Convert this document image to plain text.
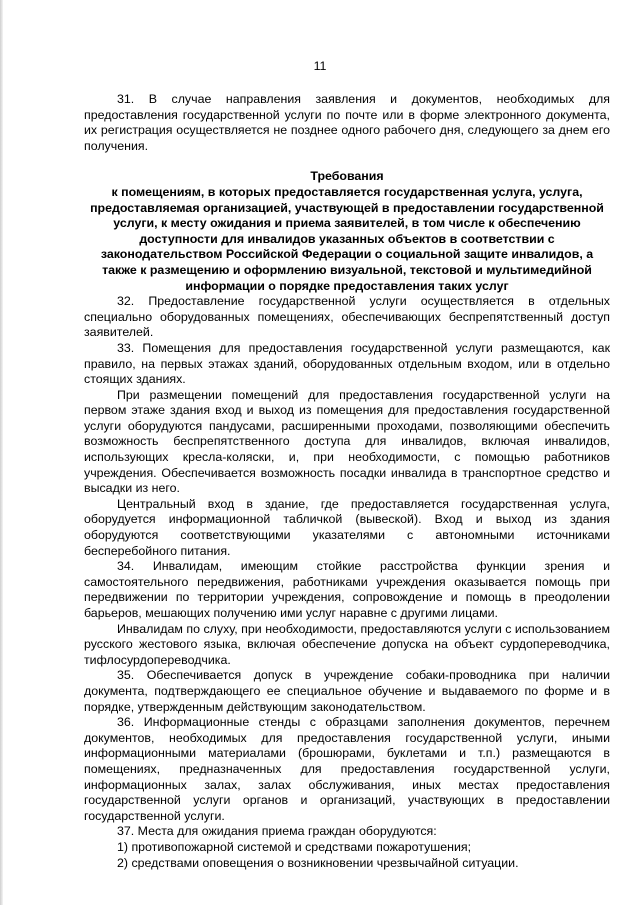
11

31. В случае направления заявления и документов, необходимых для предоставления государственной услуги по почте или в форме электронного документа, их регистрация осуществляется не позднее одного рабочего дня, следующего за днем его получения.

Требования
к помещениям, в которых предоставляется государственная услуга, услуга, предоставляемая организацией, участвующей в предоставлении государственной услуги, к месту ожидания и приема заявителей, в том числе к обеспечению доступности для инвалидов указанных объектов в соответствии с законодательством Российской Федерации о социальной защите инвалидов, а также к размещению и оформлению визуальной, текстовой и мультимедийной информации о порядке предоставления таких услуг

32. Предоставление государственной услуги осуществляется в отдельных специально оборудованных помещениях, обеспечивающих беспрепятственный доступ заявителей.

33. Помещения для предоставления государственной услуги размещаются, как правило, на первых этажах зданий, оборудованных отдельным входом, или в отдельно стоящих зданиях.

При размещении помещений для предоставления государственной услуги на первом этаже здания вход и выход из помещения для предоставления государственной услуги оборудуются пандусами, расширенными проходами, позволяющими обеспечить возможность беспрепятственного доступа для инвалидов, включая инвалидов, использующих кресла-коляски, и, при необходимости, с помощью работников учреждения. Обеспечивается возможность посадки инвалида в транспортное средство и высадки из него.

Центральный вход в здание, где предоставляется государственная услуга, оборудуется информационной табличкой (вывеской). Вход и выход из здания оборудуются соответствующими указателями с автономными источниками бесперебойного питания.

34. Инвалидам, имеющим стойкие расстройства функции зрения и самостоятельного передвижения, работниками учреждения оказывается помощь при передвижении по территории учреждения, сопровождение и помощь в преодолении барьеров, мешающих получению ими услуг наравне с другими лицами.

Инвалидам по слуху, при необходимости, предоставляются услуги с использованием русского жестового языка, включая обеспечение допуска на объект сурдопереводчика, тифлосурдопереводчика.

35. Обеспечивается допуск в учреждение собаки-проводника при наличии документа, подтверждающего ее специальное обучение и выдаваемого по форме и в порядке, утвержденным действующим законодательством.

36. Информационные стенды с образцами заполнения документов, перечнем документов, необходимых для предоставления государственной услуги, иными информационными материалами (брошюрами, буклетами и т.п.) размещаются в помещениях, предназначенных для предоставления государственной услуги, информационных залах, залах обслуживания, иных местах предоставления государственной услуги органов и организаций, участвующих в предоставлении государственной услуги.

37. Места для ожидания приема граждан оборудуются:

1) противопожарной системой и средствами пожаротушения;

2) средствами оповещения о возникновении чрезвычайной ситуации.
